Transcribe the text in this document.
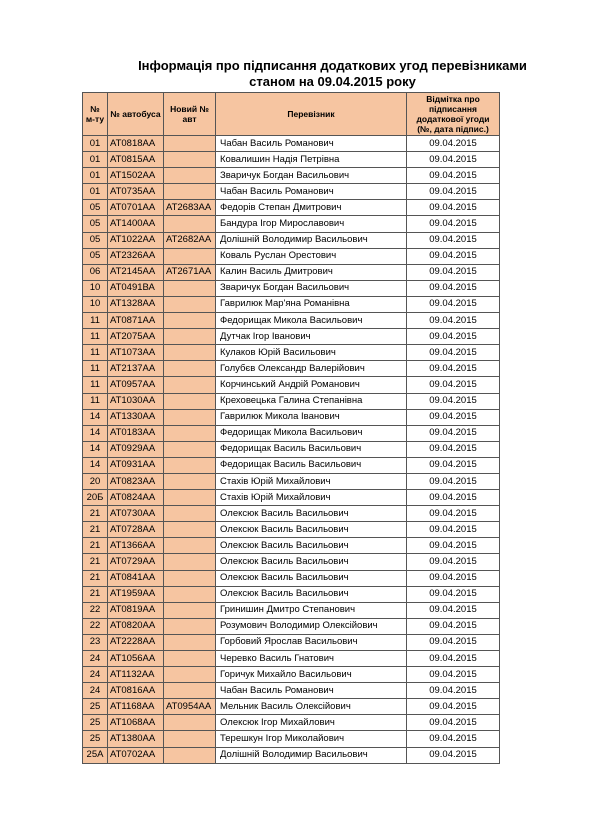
Інформація про підписання додаткових угод перевізниками
станом на 09.04.2015 року
№ м-ту	№ автобуса	Новий № авт	Перевізник	Відмітка про підписання додаткової угоди (№, дата підпис.)
01	АТ0818АА		Чабан Василь Романович	09.04.2015
01	АТ0815АА		Ковалишин Надія Петрівна	09.04.2015
01	АТ1502АА		Зваричук Богдан Васильович	09.04.2015
01	АТ0735АА		Чабан Василь Романович	09.04.2015
05	АТ0701АА	АТ2683АА	Федорів Степан Дмитрович	09.04.2015
05	АТ1400АА		Бандура Ігор Мирославович	09.04.2015
05	АТ1022АА	АТ2682АА	Долішній Володимир Васильович	09.04.2015
05	АТ2326АА		Коваль Руслан Орестович	09.04.2015
06	АТ2145АА	АТ2671АА	Калин Василь Дмитрович	09.04.2015
10	АТ0491ВА		Зваричук Богдан Васильович	09.04.2015
10	АТ1328АА		Гаврилюк Мар'яна Романівна	09.04.2015
11	АТ0871АА		Федорищак Микола Васильович	09.04.2015
11	АТ2075АА		Дутчак Ігор Іванович	09.04.2015
11	АТ1073АА		Кулаков Юрій Васильович	09.04.2015
11	АТ2137АА		Голубєв Олександр Валерійович	09.04.2015
11	АТ0957АА		Корчинський Андрій Романович	09.04.2015
11	АТ1030АА		Креховецька Галина Степанівна	09.04.2015
14	АТ1330АА		Гаврилюк Микола Іванович	09.04.2015
14	АТ0183АА		Федорищак Микола Васильович	09.04.2015
14	АТ0929АА		Федорищак Василь Васильович	09.04.2015
14	АТ0931АА		Федорищак Василь Васильович	09.04.2015
20	АТ0823АА		Стахів Юрій Михайлович	09.04.2015
20Б	АТ0824АА		Стахів Юрій Михайлович	09.04.2015
21	АТ0730АА		Олексюк Василь Васильович	09.04.2015
21	АТ0728АА		Олексюк Василь Васильович	09.04.2015
21	АТ1366АА		Олексюк Василь Васильович	09.04.2015
21	АТ0729АА		Олексюк Василь Васильович	09.04.2015
21	АТ0841АА		Олексюк Василь Васильович	09.04.2015
21	АТ1959АА		Олексюк Василь Васильович	09.04.2015
22	АТ0819АА		Гринишин Дмитро Степанович	09.04.2015
22	АТ0820АА		Розумович Володимир Олексійович	09.04.2015
23	АТ2228АА		Горбовий Ярослав Васильович	09.04.2015
24	АТ1056АА		Черевко Василь Гнатович	09.04.2015
24	АТ1132АА		Горичук Михайло Васильович	09.04.2015
24	АТ0816АА		Чабан Василь Романович	09.04.2015
25	АТ1168АА	АТ0954АА	Мельник Василь Олексійович	09.04.2015
25	АТ1068АА		Олексюк Ігор Михайлович	09.04.2015
25	АТ1380АА		Терешкун Ігор Миколайович	09.04.2015
25А	АТ0702АА		Долішній Володимир Васильович	09.04.2015
